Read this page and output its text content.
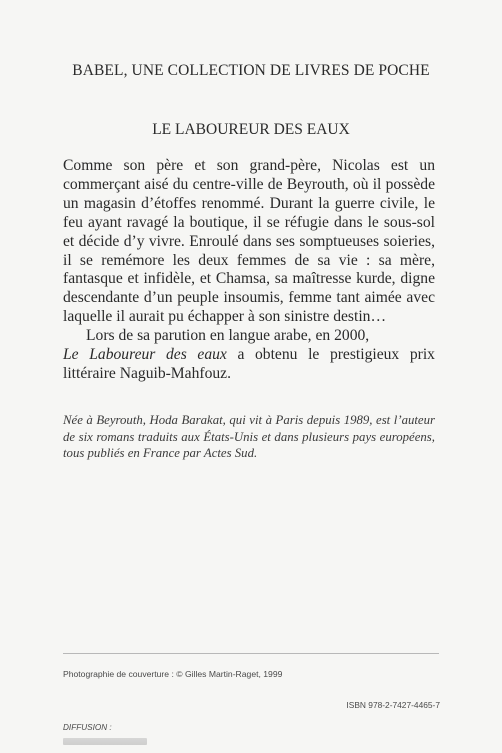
BABEL, UNE COLLECTION DE LIVRES DE POCHE
LE LABOUREUR DES EAUX

Comme son père et son grand-père, Nicolas est un commerçant aisé du centre-ville de Beyrouth, où il possède un magasin d’étoffes renommé. Durant la guerre civile, le feu ayant ravagé la boutique, il se réfugie dans le sous-sol et décide d’y vivre. Enroulé dans ses somptueuses soieries, il se remémore les deux femmes de sa vie : sa mère, fantasque et infidèle, et Chamsa, sa maîtresse kurde, digne descendante d’un peuple insoumis, femme tant aimée avec laquelle il aurait pu échapper à son sinistre destin…

Lors de sa parution en langue arabe, en 2000,
Le Laboureur des eaux a obtenu le prestigieux prix littéraire Naguib-Mahfouz.

Née à Beyrouth, Hoda Barakat, qui vit à Paris depuis 1989, est l’auteur de six romans traduits aux États-Unis et dans plusieurs pays européens, tous publiés en France par Actes Sud.
Photographie de couverture : © Gilles Martin-Raget, 1999
ISBN 978-2-7427-4465-7
DIFFUSION :
